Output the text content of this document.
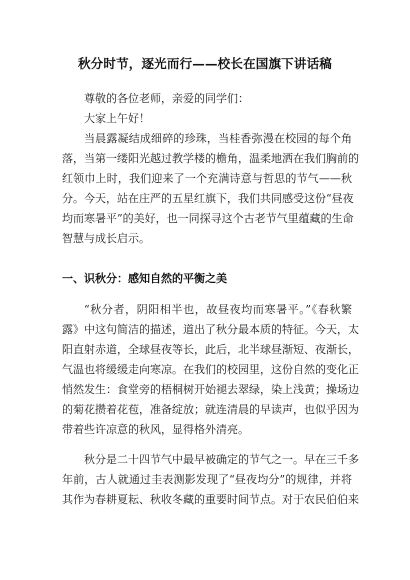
秋分时节，逐光而行——校长在国旗下讲话稿
尊敬的各位老师，亲爱的同学们：
大家上午好！
当晨露凝结成细碎的珍珠，当桂香弥漫在校园的每个角
落，当第一缕阳光越过教学楼的檐角，温柔地洒在我们胸前的
红领巾上时，我们迎来了一个充满诗意与哲思的节气——秋
分。今天，站在庄严的五星红旗下，我们共同感受这份“昼夜
均而寒暑平”的美好，也一同探寻这个古老节气里蕴藏的生命
智慧与成长启示。
一、识秋分：感知自然的平衡之美
“秋分者，阴阳相半也，故昼夜均而寒暑平。”《春秋繁
露》中这句简洁的描述，道出了秋分最本质的特征。今天，太
阳直射赤道，全球昼夜等长，此后，北半球昼渐短、夜渐长，
气温也将缓缓走向寒凉。在我们的校园里，这份自然的变化正
悄然发生：食堂旁的梧桐树开始褪去翠绿，染上浅黄；操场边
的菊花攒着花苞，准备绽放；就连清晨的早读声，也似乎因为
带着些许凉意的秋风，显得格外清亮。
秋分是二十四节气中最早被确定的节气之一。早在三千多
年前，古人就通过圭表测影发现了“昼夜均分”的规律，并将
其作为春耕夏耘、秋收冬藏的重要时间节点。对于农民伯伯来
